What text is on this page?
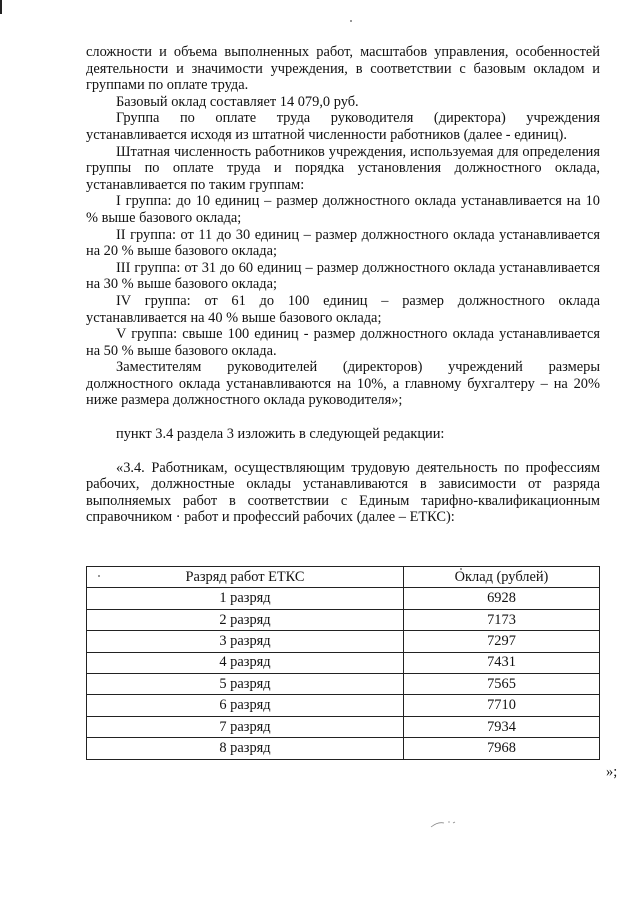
сложности и объема выполненных работ, масштабов управления, особенностей деятельности и значимости учреждения, в соответствии с базовым окладом и группами по оплате труда.

Базовый оклад составляет 14 079,0 руб.

Группа по оплате труда руководителя (директора) учреждения устанавливается исходя из штатной численности работников (далее - единиц).

Штатная численность работников учреждения, используемая для определения группы по оплате труда и порядка установления должностного оклада, устанавливается по таким группам:

I группа: до 10 единиц – размер должностного оклада устанавливается на 10 % выше базового оклада;

II группа: от 11 до 30 единиц – размер должностного оклада устанавливается на 20 % выше базового оклада;

III группа: от 31 до 60 единиц – размер должностного оклада устанавливается на 30 % выше базового оклада;

IV группа: от 61 до 100 единиц – размер должностного оклада устанавливается на 40 % выше базового оклада;

V группа: свыше 100 единиц - размер должностного оклада устанавливается на 50 % выше базового оклада.

Заместителям руководителей (директоров) учреждений размеры должностного оклада устанавливаются на 10%, а главному бухгалтеру – на 20% ниже размера должностного оклада руководителя»;

пункт 3.4 раздела 3 изложить в следующей редакции:

«3.4. Работникам, осуществляющим трудовую деятельность по профессиям рабочих, должностные оклады устанавливаются в зависимости от разряда выполняемых работ в соответствии с Единым тарифно-квалификационным справочником · работ и профессий рабочих (далее – ЕТКС):

Разряд работ ЕТКС	Оклад (рублей)
1 разряд	6928
2 разряд	7173
3 разряд	7297
4 разряд	7431
5 разряд	7565
6 разряд	7710
7 разряд	7934
8 разряд	7968
»;
